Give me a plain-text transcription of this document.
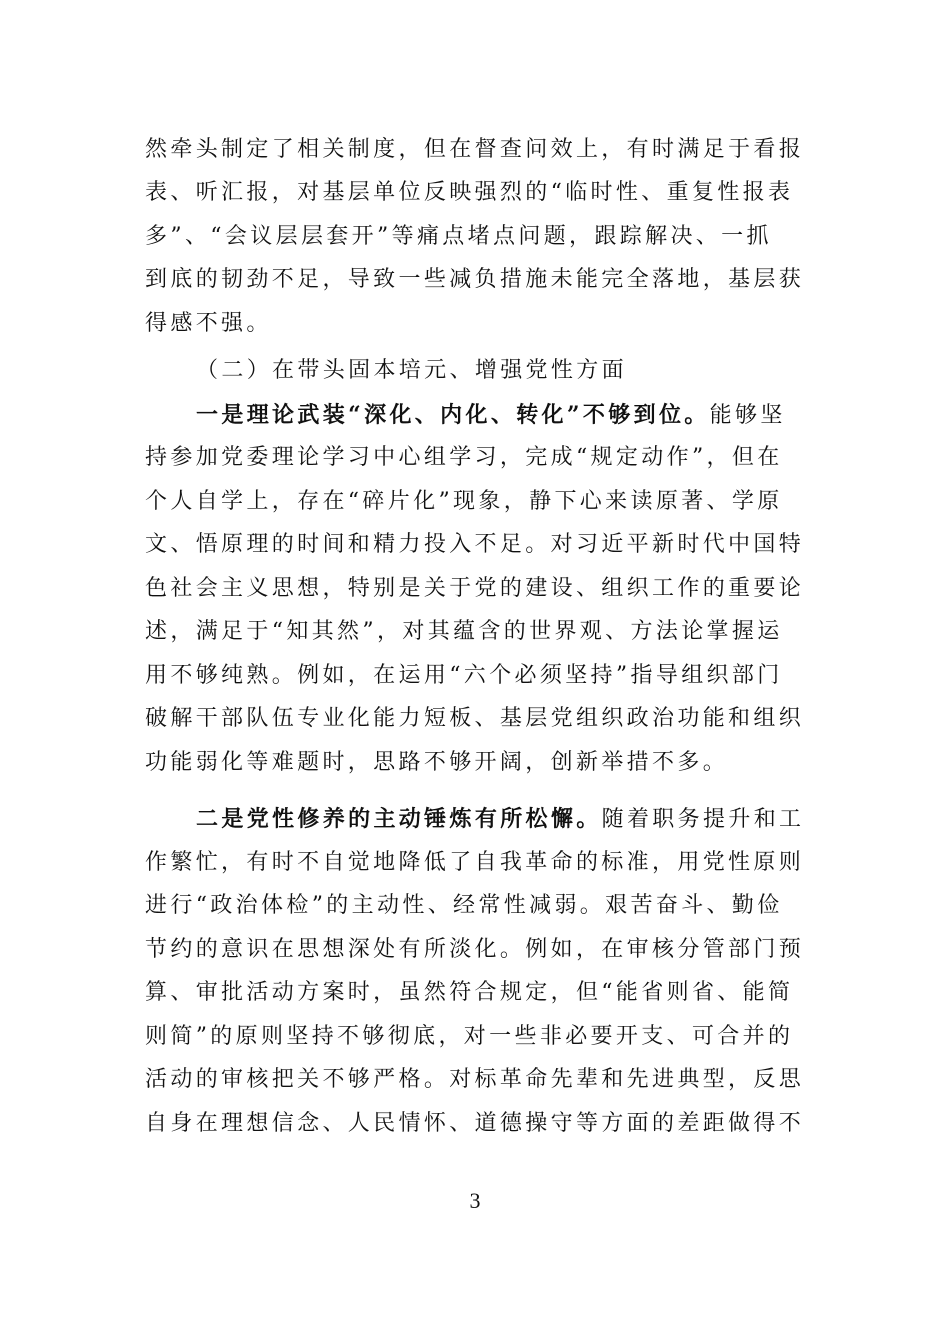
然牵头制定了相关制度，但在督查问效上，有时满足于看报
表、听汇报，对基层单位反映强烈的“临时性、重复性报表
多”、“会议层层套开”等痛点堵点问题，跟踪解决、一抓
到底的韧劲不足，导致一些减负措施未能完全落地，基层获
得感不强。
（二）在带头固本培元、增强党性方面
一是理论武装“深化、内化、转化”不够到位。能够坚
持参加党委理论学习中心组学习，完成“规定动作”，但在
个人自学上，存在“碎片化”现象，静下心来读原著、学原
文、悟原理的时间和精力投入不足。对习近平新时代中国特
色社会主义思想，特别是关于党的建设、组织工作的重要论
述，满足于“知其然”，对其蕴含的世界观、方法论掌握运
用不够纯熟。例如，在运用“六个必须坚持”指导组织部门
破解干部队伍专业化能力短板、基层党组织政治功能和组织
功能弱化等难题时，思路不够开阔，创新举措不多。
二是党性修养的主动锤炼有所松懈。随着职务提升和工
作繁忙，有时不自觉地降低了自我革命的标准，用党性原则
进行“政治体检”的主动性、经常性减弱。艰苦奋斗、勤俭
节约的意识在思想深处有所淡化。例如，在审核分管部门预
算、审批活动方案时，虽然符合规定，但“能省则省、能简
则简”的原则坚持不够彻底，对一些非必要开支、可合并的
活动的审核把关不够严格。对标革命先辈和先进典型，反思
自身在理想信念、人民情怀、道德操守等方面的差距做得不
3
